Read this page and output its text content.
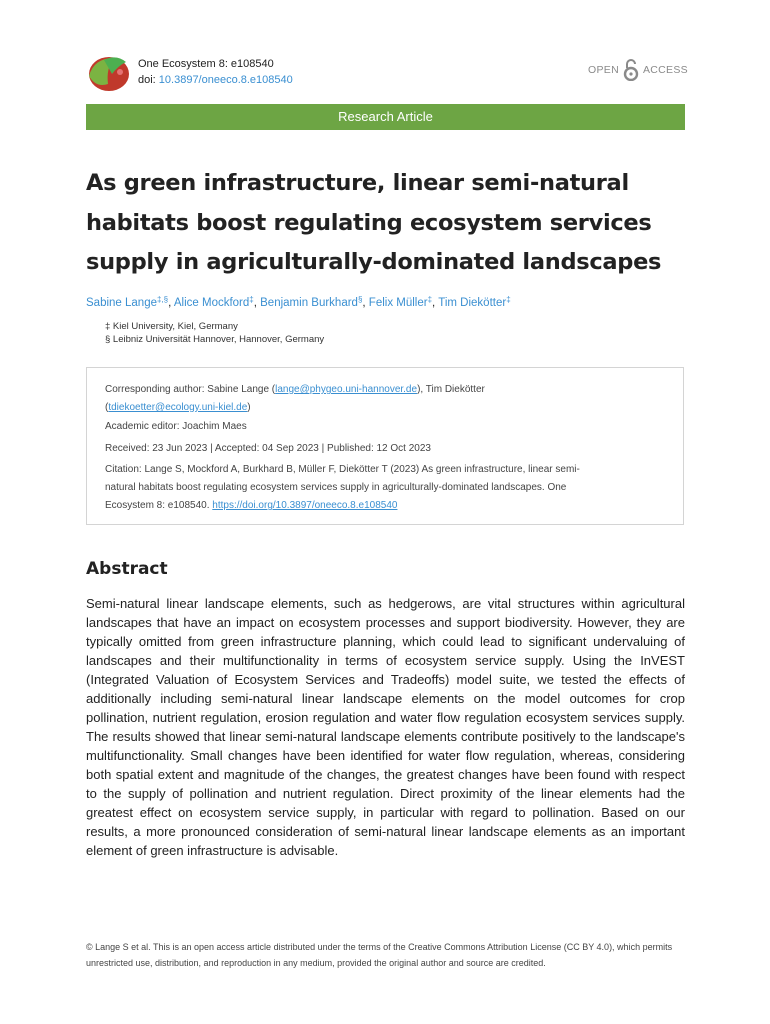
One Ecosystem 8: e108540
doi: 10.3897/oneeco.8.e108540
OPEN ACCESS
Research Article
As green infrastructure, linear semi-natural habitats boost regulating ecosystem services supply in agriculturally-dominated landscapes
Sabine Lange‡,§, Alice Mockford‡, Benjamin Burkhard§, Felix Müller‡, Tim Diekötter‡
‡ Kiel University, Kiel, Germany
§ Leibniz Universität Hannover, Hannover, Germany

Corresponding author: Sabine Lange (lange@phygeo.uni-hannover.de), Tim Diekötter
(tdiekoetter@ecology.uni-kiel.de)

Academic editor: Joachim Maes

Received: 23 Jun 2023 | Accepted: 04 Sep 2023 | Published: 12 Oct 2023

Citation: Lange S, Mockford A, Burkhard B, Müller F, Diekötter T (2023) As green infrastructure, linear semi-
natural habitats boost regulating ecosystem services supply in agriculturally-dominated landscapes. One
Ecosystem 8: e108540. https://doi.org/10.3897/oneeco.8.e108540

Abstract

Semi-natural linear landscape elements, such as hedgerows, are vital structures within agricultural landscapes that have an impact on ecosystem processes and support biodiversity. However, they are typically omitted from green infrastructure planning, which could lead to significant undervaluing of landscapes and their multifunctionality in terms of ecosystem service supply. Using the InVEST (Integrated Valuation of Ecosystem Services and Tradeoffs) model suite, we tested the effects of additionally including semi-natural linear landscape elements on the model outcomes for crop pollination, nutrient regulation, erosion regulation and water flow regulation ecosystem services supply. The results showed that linear semi-natural landscape elements contribute positively to the landscape's multifunctionality. Small changes have been identified for water flow regulation, whereas, considering both spatial extent and magnitude of the changes, the greatest changes have been found with respect to the supply of pollination and nutrient regulation. Direct proximity of the linear elements had the greatest effect on ecosystem service supply, in particular with regard to pollination. Based on our results, a more pronounced consideration of semi-natural linear landscape elements as an important element of green infrastructure is advisable.

© Lange S et al. This is an open access article distributed under the terms of the Creative Commons Attribution License (CC BY 4.0), which permits unrestricted use, distribution, and reproduction in any medium, provided the original author and source are credited.
